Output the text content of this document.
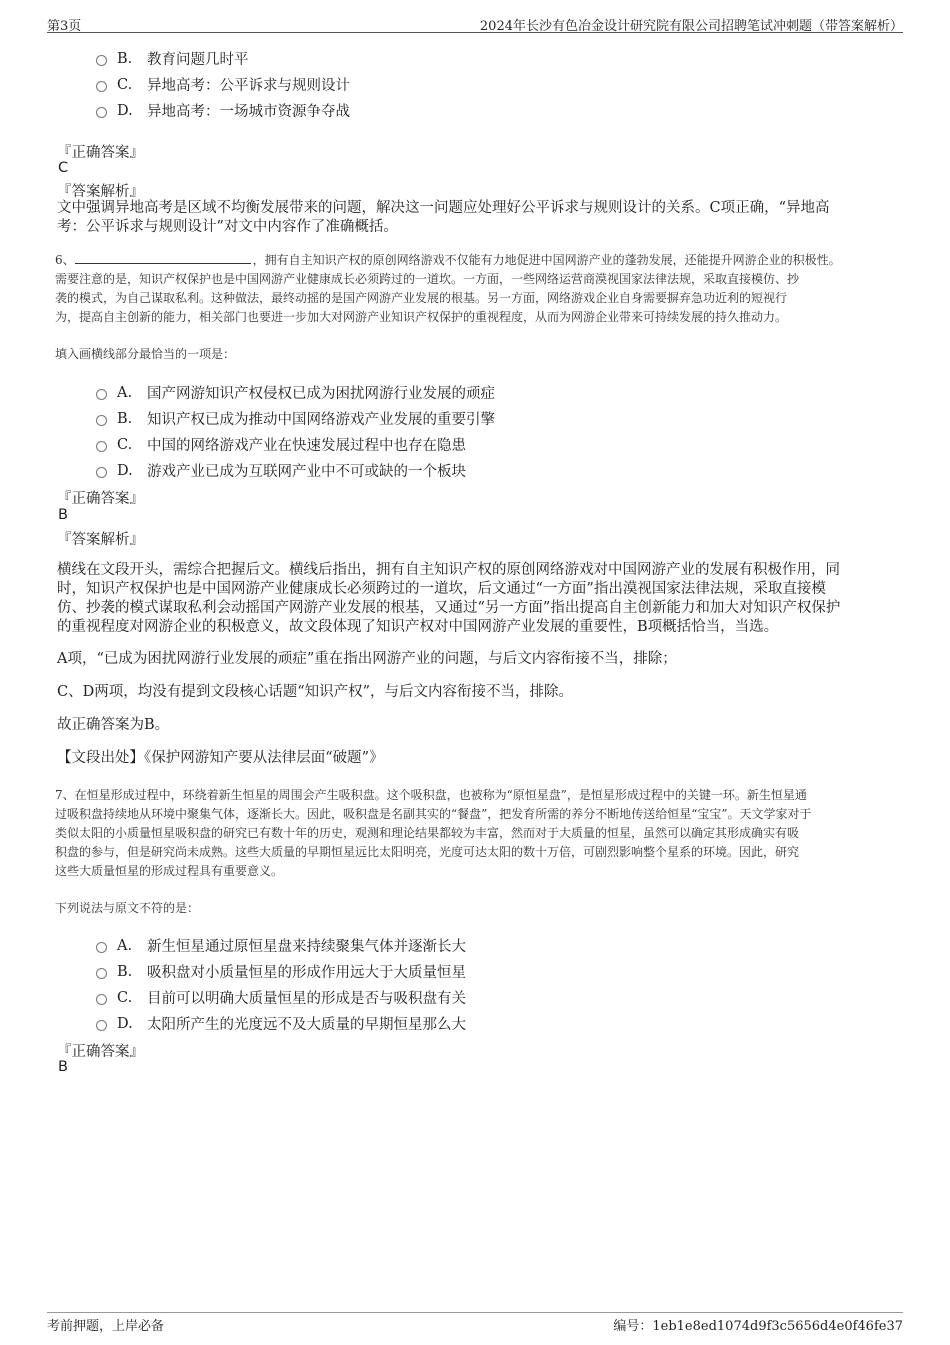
第3页	2024年长沙有色冶金设计研究院有限公司招聘笔试冲刺题（带答案解析）
B.	教育问题几时平
C.	异地高考：公平诉求与规则设计
D. 异地高考：一场城市资源争夺战
『正确答案』
C
『答案解析』
文中强调异地高考是区域不均衡发展带来的问题，解决这一问题应处理好公平诉求与规则设计的关系。C项正确，“异地高
考：公平诉求与规则设计”对文中内容作了准确概括。
6、	，拥有自主知识产权的原创网络游戏不仅能有力地促进中国网游产业的蓬勃发展，还能提升网游企业的积极性。
需要注意的是，知识产权保护也是中国网游产业健康成长必须跨过的一道坎。一方面，一些网络运营商漠视国家法律法规，采取直接模仿、抄
袭的模式，为自己谋取私利。这种做法，最终动摇的是国产网游产业发展的根基。另一方面，网络游戏企业自身需要摒弃急功近利的短视行
为，提高自主创新的能力，相关部门也要进一步加大对网游产业知识产权保护的重视程度，从而为网游企业带来可持续发展的持久推动力。
填入画横线部分最恰当的一项是：
A.	国产网游知识产权侵权已成为困扰网游行业发展的顽症
B.	知识产权已成为推动中国网络游戏产业发展的重要引擎
C.	中国的网络游戏产业在快速发展过程中也存在隐患
D. 游戏产业已成为互联网产业中不可或缺的一个板块
『正确答案』
B
『答案解析』
横线在文段开头，需综合把握后文。横线后指出，拥有自主知识产权的原创网络游戏对中国网游产业的发展有积极作用，同
时，知识产权保护也是中国网游产业健康成长必须跨过的一道坎，后文通过“一方面”指出漠视国家法律法规，采取直接模
仿、抄袭的模式谋取私利会动摇国产网游产业发展的根基，又通过“另一方面”指出提高自主创新能力和加大对知识产权保护
的重视程度对网游企业的积极意义，故文段体现了知识产权对中国网游产业发展的重要性，B项概括恰当，当选。
A项，“已成为困扰网游行业发展的顽症”重在指出网游产业的问题，与后文内容衔接不当，排除；
C、D两项，均没有提到文段核心话题“知识产权”，与后文内容衔接不当，排除。
故正确答案为B。
【文段出处】《保护网游知产要从法律层面“破题”》
7、在恒星形成过程中，环绕着新生恒星的周围会产生吸积盘。这个吸积盘，也被称为“原恒星盘”，是恒星形成过程中的关键一环。新生恒星通
过吸积盘持续地从环境中聚集气体，逐渐长大。因此，吸积盘是名副其实的“餐盘”，把发育所需的养分不断地传送给恒星“宝宝”。天文学家对于
类似太阳的小质量恒星吸积盘的研究已有数十年的历史，观测和理论结果都较为丰富，然而对于大质量的恒星，虽然可以确定其形成确实有吸
积盘的参与，但是研究尚未成熟。这些大质量的早期恒星远比太阳明亮，光度可达太阳的数十万倍，可剧烈影响整个星系的环境。因此，研究
这些大质量恒星的形成过程具有重要意义。
下列说法与原文不符的是：
A.	新生恒星通过原恒星盘来持续聚集气体并逐渐长大
B.	吸积盘对小质量恒星的形成作用远大于大质量恒星
C.	目前可以明确大质量恒星的形成是否与吸积盘有关
D. 太阳所产生的光度远不及大质量的早期恒星那么大
『正确答案』
B
考前押题，上岸必备	编号：1eb1e8ed1074d9f3c5656d4e0f46fe37
